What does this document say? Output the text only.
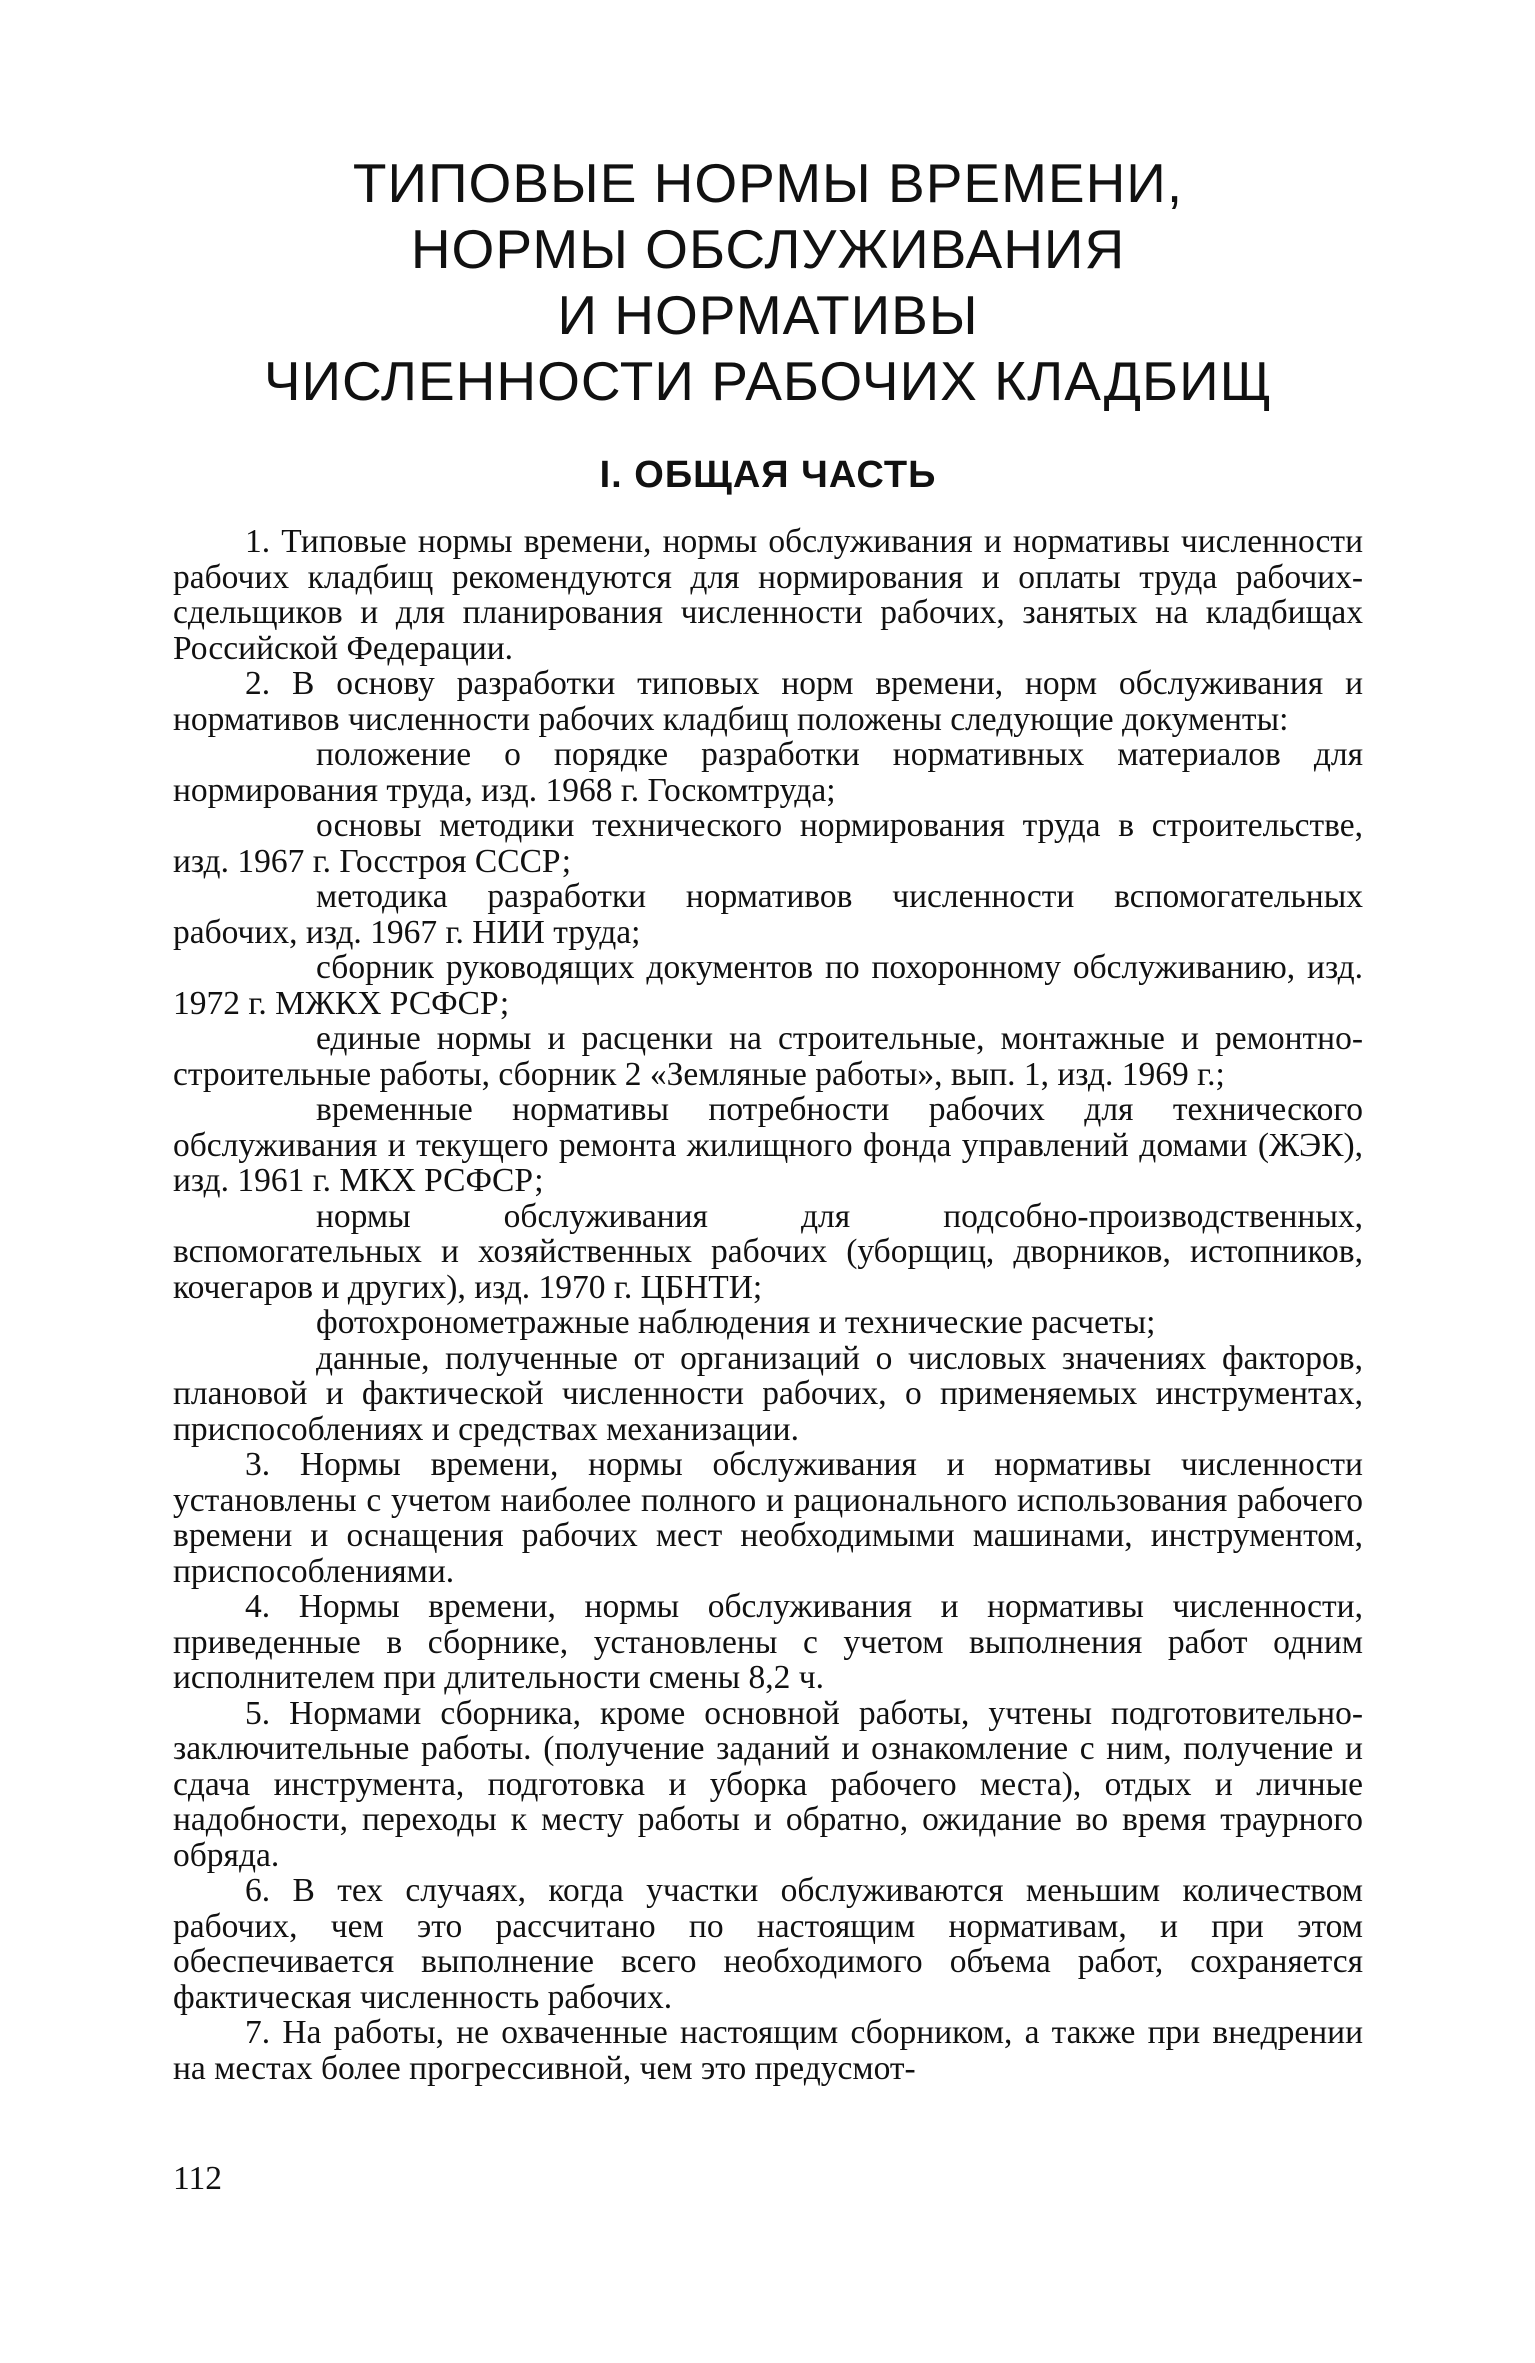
ТИПОВЫЕ НОРМЫ ВРЕМЕНИ,
НОРМЫ ОБСЛУЖИВАНИЯ
И НОРМАТИВЫ
ЧИСЛЕННОСТИ РАБОЧИХ КЛАДБИЩ
I. ОБЩАЯ ЧАСТЬ

1. Типовые нормы времени, нормы обслуживания и нормативы численности рабочих кладбищ рекомендуются для нормирования и оплаты труда рабочих-сдельщиков и для планирования численности рабочих, занятых на кладбищах Российской Федерации.

2. В основу разработки типовых норм времени, норм обслуживания и нормативов численности рабочих кладбищ положены следующие документы:

положение о порядке разработки нормативных материалов для нормирования труда, изд. 1968 г. Госкомтруда;

основы методики технического нормирования труда в строительстве, изд. 1967 г. Госстроя СССР;

методика разработки нормативов численности вспомогательных рабочих, изд. 1967 г. НИИ труда;

сборник руководящих документов по похоронному обслуживанию, изд. 1972 г. МЖКХ РСФСР;

единые нормы и расценки на строительные, монтажные и ремонтно-строительные работы, сборник 2 «Земляные работы», вып. 1, изд. 1969 г.;

временные нормативы потребности рабочих для технического обслуживания и текущего ремонта жилищного фонда управлений домами (ЖЭК), изд. 1961 г. МКХ РСФСР;

нормы обслуживания для подсобно-производственных, вспомогательных и хозяйственных рабочих (уборщиц, дворников, истопников, кочегаров и других), изд. 1970 г. ЦБНТИ;

фотохронометражные наблюдения и технические расчеты;

данные, полученные от организаций о числовых значениях факторов, плановой и фактической численности рабочих, о применяемых инструментах, приспособлениях и средствах механизации.

3. Нормы времени, нормы обслуживания и нормативы численности установлены с учетом наиболее полного и рационального использования рабочего времени и оснащения рабочих мест необходимыми машинами, инструментом, приспособлениями.

4. Нормы времени, нормы обслуживания и нормативы численности, приведенные в сборнике, установлены с учетом выполнения работ одним исполнителем при длительности смены 8,2 ч.

5. Нормами сборника, кроме основной работы, учтены подготовительно-заключительные работы. (получение заданий и ознакомление с ним, получение и сдача инструмента, подготовка и уборка рабочего места), отдых и личные надобности, переходы к месту работы и обратно, ожидание во время траурного обряда.

6. В тех случаях, когда участки обслуживаются меньшим количеством рабочих, чем это рассчитано по настоящим нормативам, и при этом обеспечивается выполнение всего необходимого объема работ, сохраняется фактическая численность рабочих.

7. На работы, не охваченные настоящим сборником, а также при внедрении на местах более прогрессивной, чем это предусмот-

112
